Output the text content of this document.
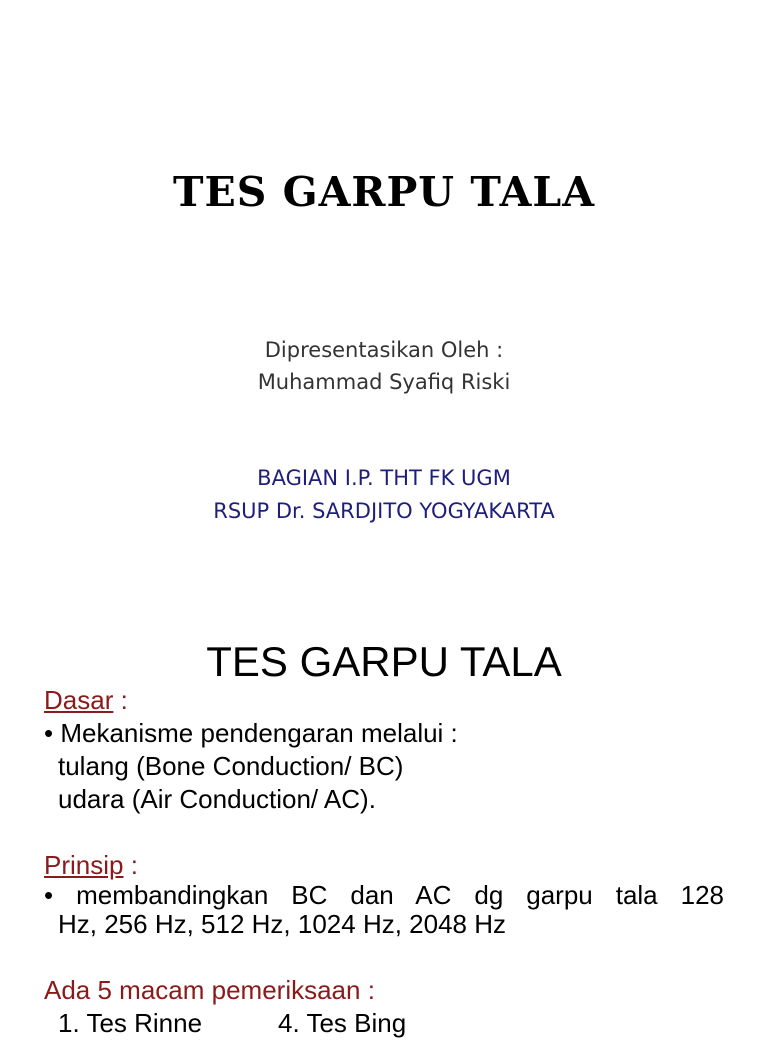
TES GARPU TALA
Dipresentasikan Oleh :
Muhammad Syafiq Riski
BAGIAN I.P. THT FK UGM
RSUP Dr. SARDJITO YOGYAKARTA
TES GARPU TALA
Dasar :
• Mekanisme pendengaran melalui :
tulang (Bone Conduction/ BC)
udara (Air Conduction/ AC).
Prinsip :
• membandingkan BC dan AC dg garpu tala 128
Hz, 256 Hz, 512 Hz, 1024 Hz, 2048 Hz
Ada 5 macam pemeriksaan :
1. Tes Rinne	4. Tes Bing
